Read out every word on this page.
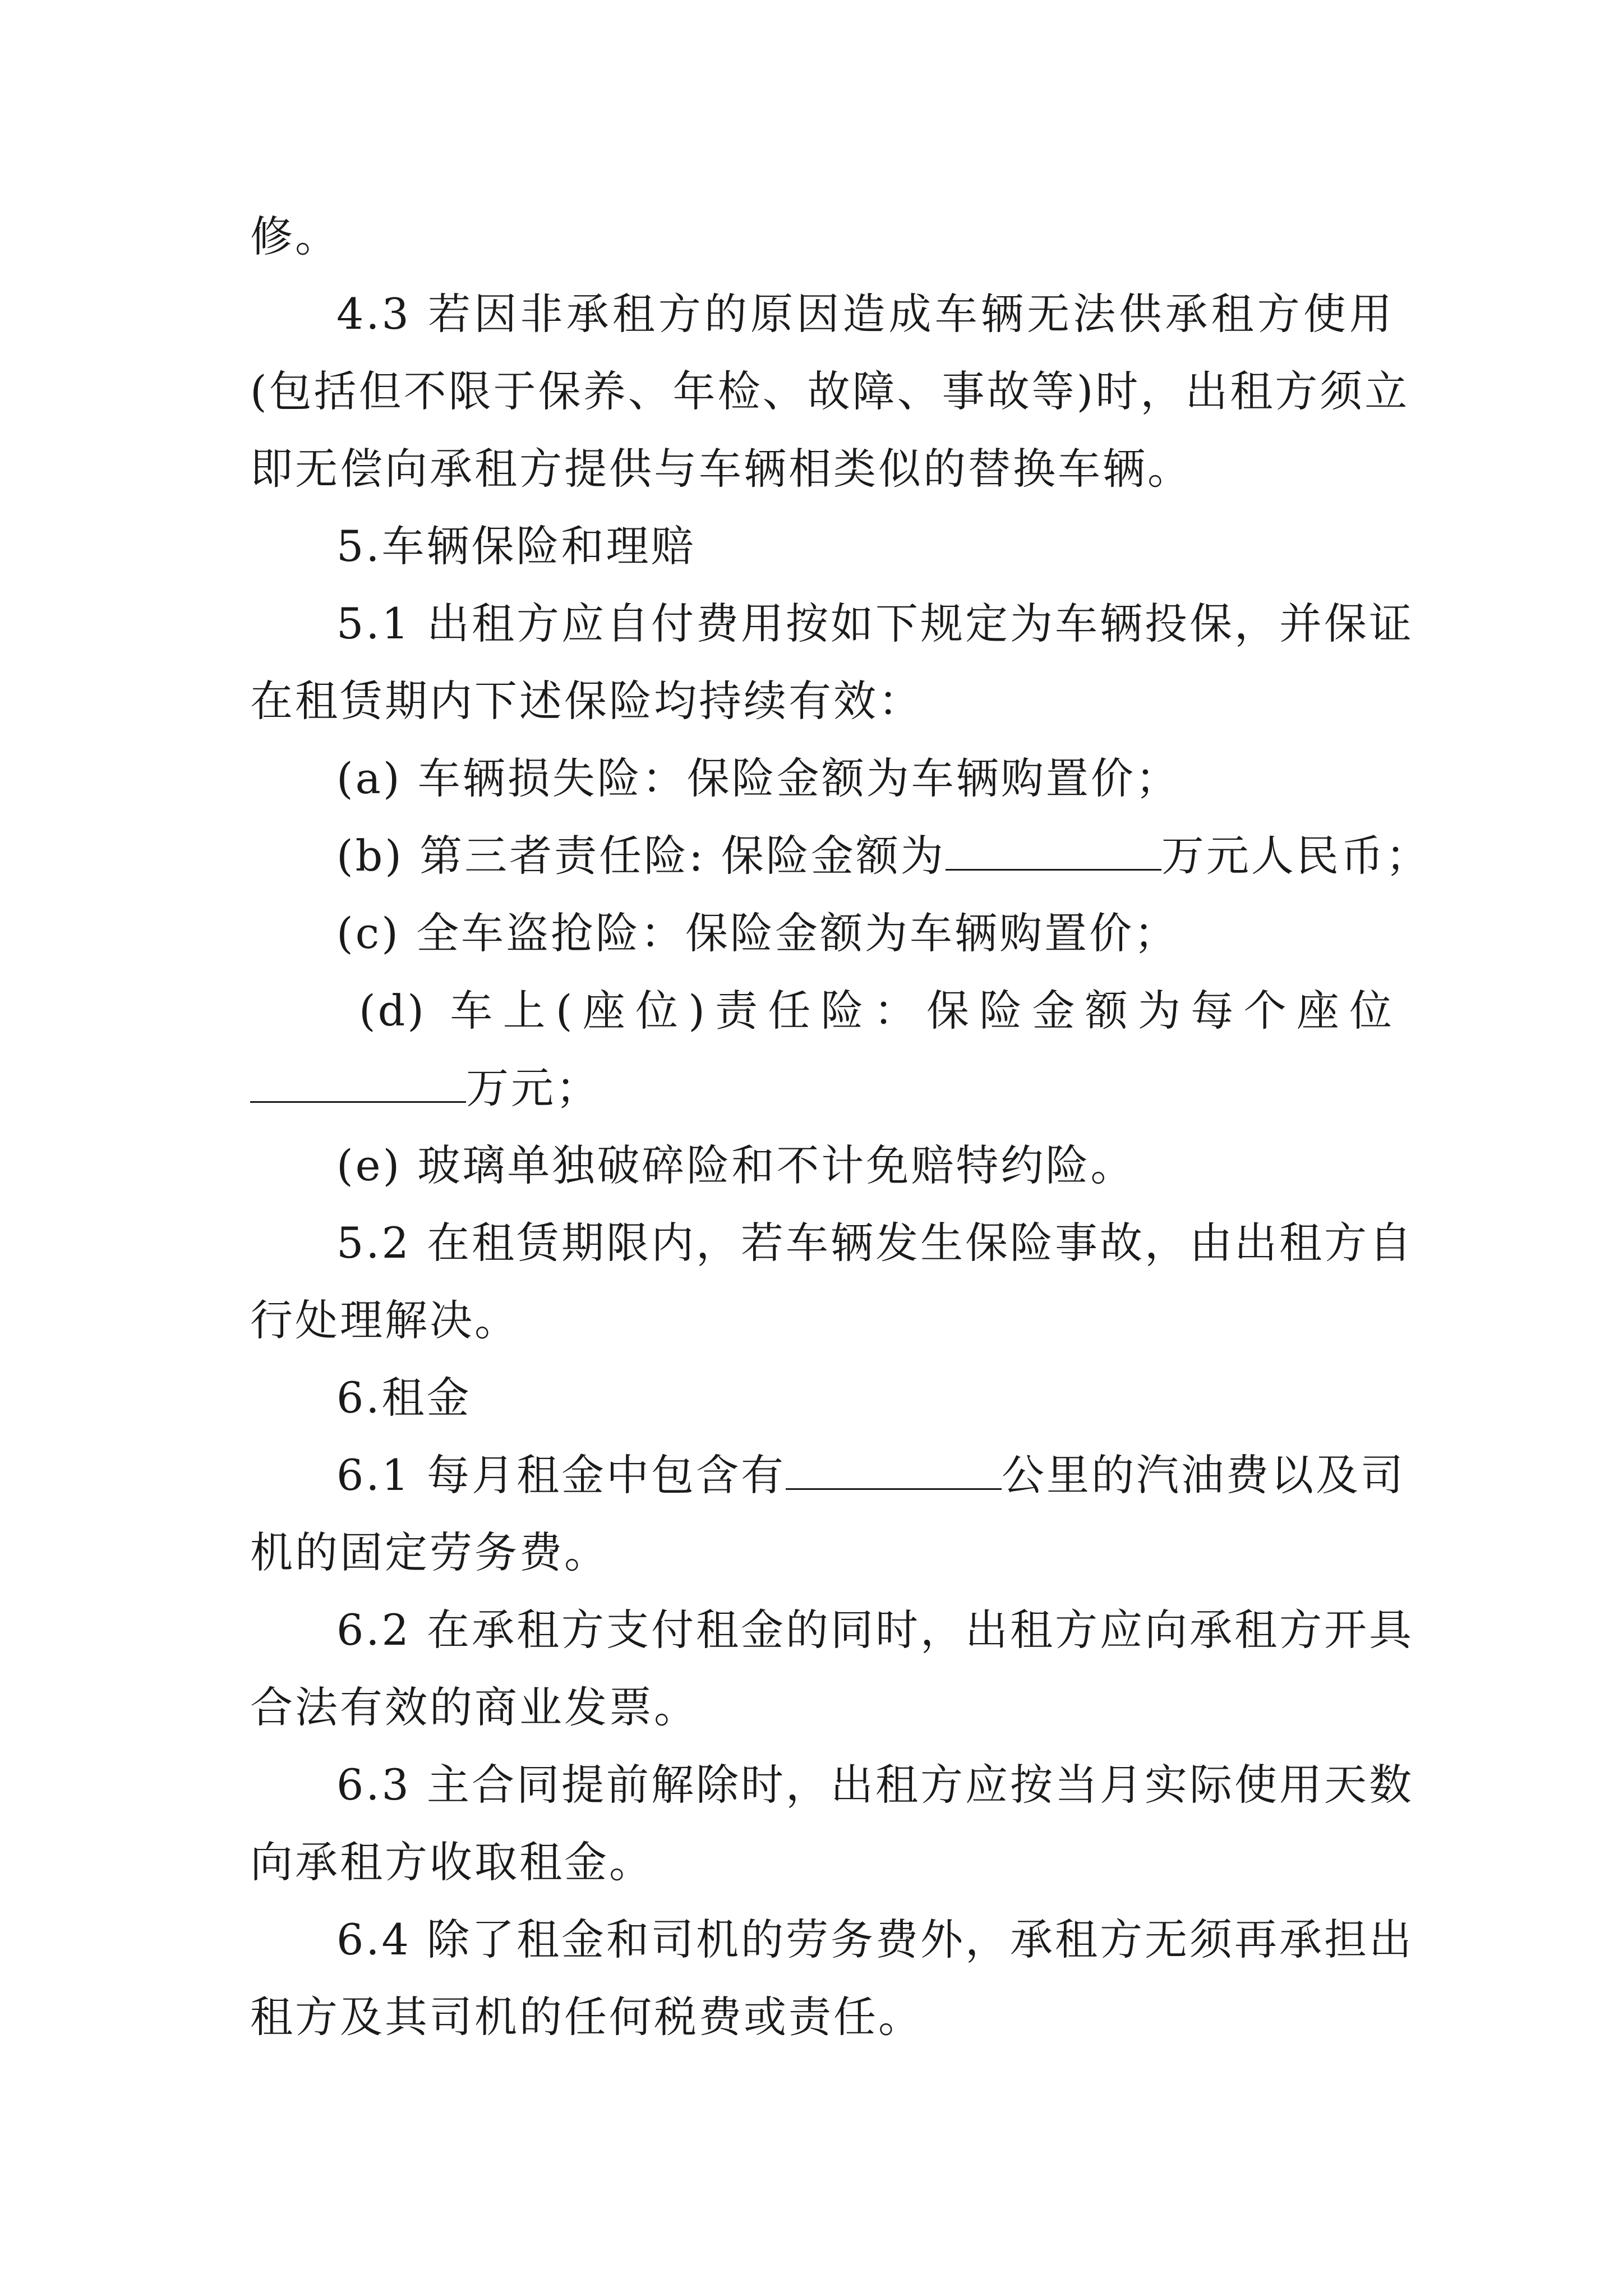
修。
4.3 若因非承租方的原因造成车辆无法供承租方使用
(包括但不限于保养、年检、故障、事故等)时，出租方须立
即无偿向承租方提供与车辆相类似的替换车辆。
5.车辆保险和理赔
5.1 出租方应自付费用按如下规定为车辆投保，并保证
在租赁期内下述保险均持续有效：
(a) 车辆损失险：保险金额为车辆购置价；
(b) 第三者责任险: 保险金额为	万元人民币；
(c) 全车盗抢险：保险金额为车辆购置价；
(d) 车上(座位)责任险：保险金额为每个座位
万元；
(e) 玻璃单独破碎险和不计免赔特约险。
5.2 在租赁期限内，若车辆发生保险事故，由出租方自
行处理解决。
6.租金
6.1 每月租金中包含有	公里的汽油费以及司
机的固定劳务费。
6.2 在承租方支付租金的同时，出租方应向承租方开具
合法有效的商业发票。
6.3 主合同提前解除时，出租方应按当月实际使用天数
向承租方收取租金。
6.4 除了租金和司机的劳务费外，承租方无须再承担出
租方及其司机的任何税费或责任。
